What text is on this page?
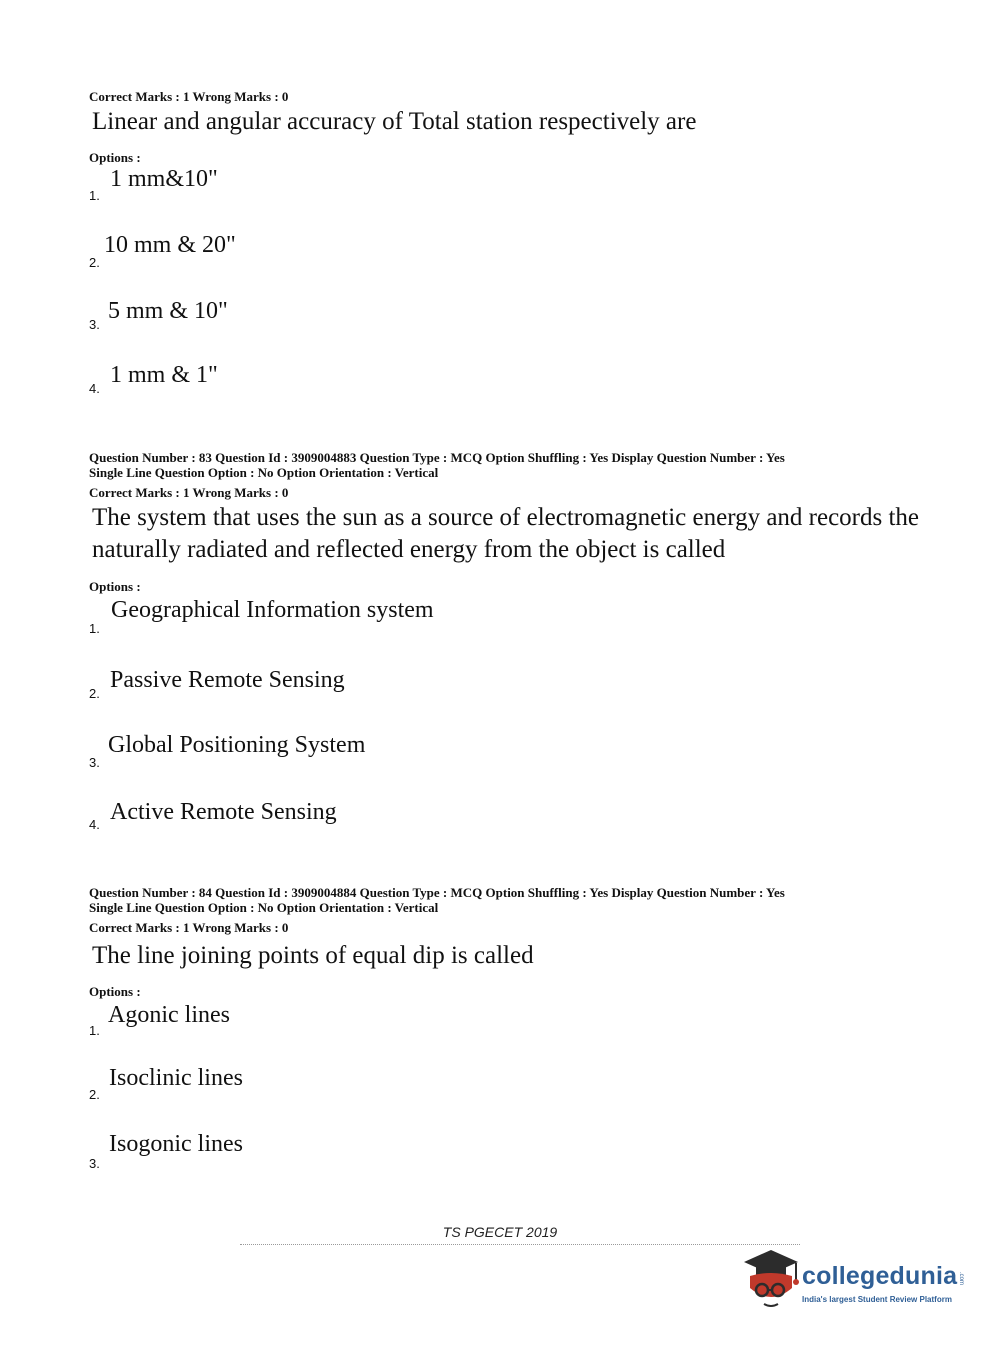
Correct Marks : 1 Wrong Marks : 0
Linear and angular accuracy of Total station respectively are
Options :
1.
1 mm&10"
2.
10 mm & 20"
3.
5 mm & 10"
4.
1 mm & 1"
Question Number : 83 Question Id : 3909004883 Question Type : MCQ Option Shuffling : Yes Display Question Number : Yes
Single Line Question Option : No Option Orientation : Vertical
Correct Marks : 1 Wrong Marks : 0
The system that uses the sun as a source of electromagnetic energy and records the
naturally radiated and reflected energy from the object is called
Options :
1.
Geographical Information system
2.
Passive Remote Sensing
3.
Global Positioning System
4. Active Remote Sensing
Question Number : 84 Question Id : 3909004884 Question Type : MCQ Option Shuffling : Yes Display Question Number : Yes
Single Line Question Option : No Option Orientation : Vertical
Correct Marks : 1 Wrong Marks : 0
The line joining points of equal dip is called
Options :
1.
Agonic lines
2.
Isoclinic lines
3.
Isogonic lines
TS PGECET 2019
collegedunia .com
India's largest Student Review Platform
